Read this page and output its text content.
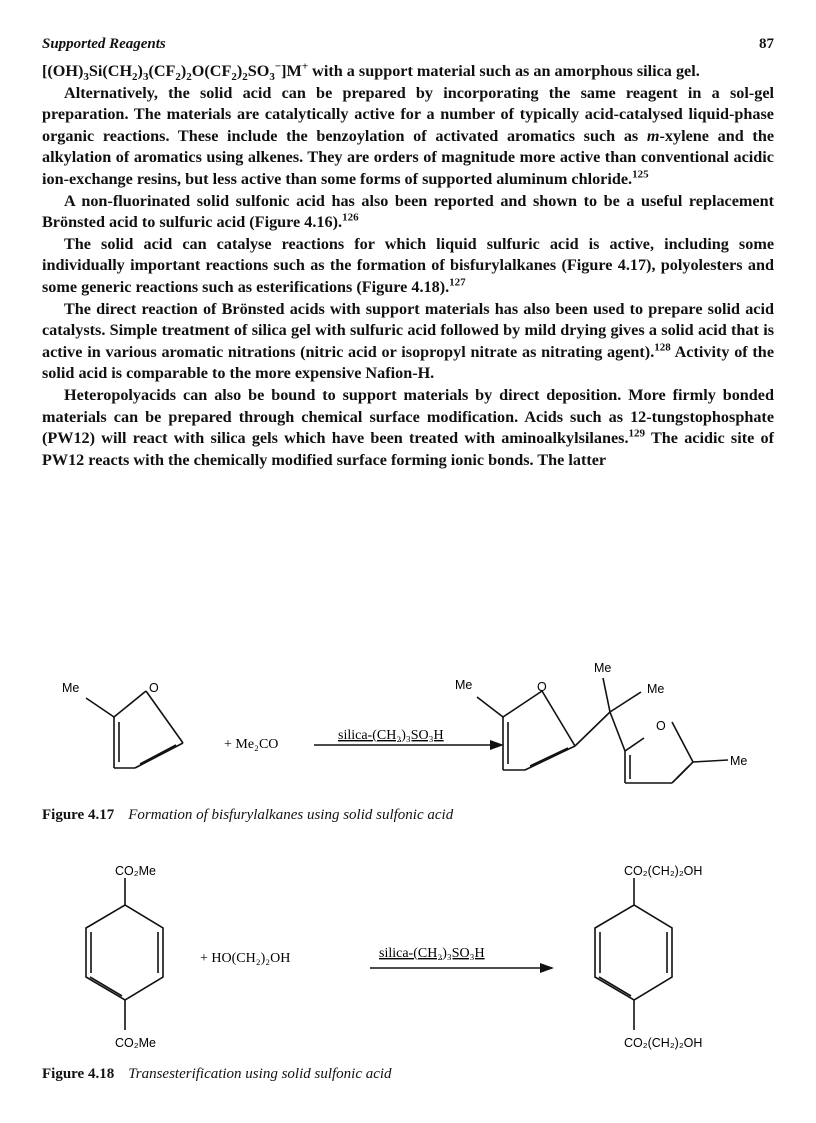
Supported Reagents	87

$[(OH)_3Si(CH_2)_3(CF_2)_2O(CF_2)_2SO_3^-]M^+$ with a support material such as an amorphous silica gel.

Alternatively, the solid acid can be prepared by incorporating the same reagent in a sol-gel preparation. The materials are catalytically active for a number of typically acid-catalysed liquid-phase organic reactions. These include the benzoylation of activated aromatics such as m-xylene and the alkylation of aromatics using alkenes. They are orders of magnitude more active than conventional acidic ion-exchange resins, but less active than some forms of supported aluminum chloride.$^{125}$

A non-fluorinated solid sulfonic acid has also been reported and shown to be a useful replacement Brönsted acid to sulfuric acid (Figure 4.16).$^{126}$

The solid acid can catalyse reactions for which liquid sulfuric acid is active, including some individually important reactions such as the formation of bisfurylalkanes (Figure 4.17), polyolesters and some generic reactions such as esterifications (Figure 4.18).$^{127}$

The direct reaction of Brönsted acids with support materials has also been used to prepare solid acid catalysts. Simple treatment of silica gel with sulfuric acid followed by mild drying gives a solid acid that is active in various aromatic nitrations (nitric acid or isopropyl nitrate as nitrating agent).$^{128}$ Activity of the solid acid is comparable to the more expensive Nafion-H.

Heteropolyacids can also be bound to support materials by direct deposition. More firmly bonded materials can be prepared through chemical surface modification. Acids such as 12-tungstophosphate (PW12) will react with silica gels which have been treated with aminoalkylsilanes.$^{129}$ The acidic site of PW12 reacts with the chemically modified surface forming ionic bonds. The latter

Me	O	Me	O
Me
Me
O
Me
+ Me₂CO
silica-(CH₂)₃SO₃H
Figure 4.17 Formation of bisfurylalkanes using solid sulfonic acid
CO₂Me
CO₂Me
CO₂(CH₂)₂OH
CO₂(CH₂)₂OH
+ HO(CH₂)₂OH	silica-(CH₂)₃SO₃H
Figure 4.18 Transesterification using solid sulfonic acid
